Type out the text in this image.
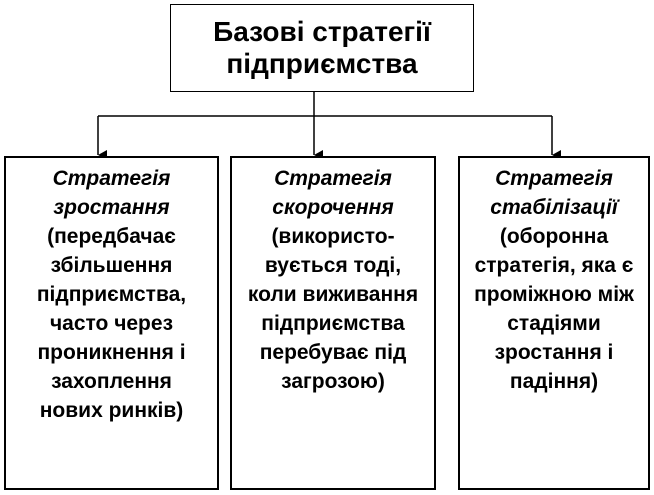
Базові стратегії
підприємства
Стратегія
зростання
(передбачає
збільшення
підприємства,
часто через
проникнення і
захоплення
нових ринків)
Стратегія
скорочення
(використо-
вується тоді,
коли виживання
підприємства
перебуває під
загрозою)
Стратегія
стабілізації
(оборонна
стратегія, яка є
проміжною між
стадіями
зростання і
падіння)
